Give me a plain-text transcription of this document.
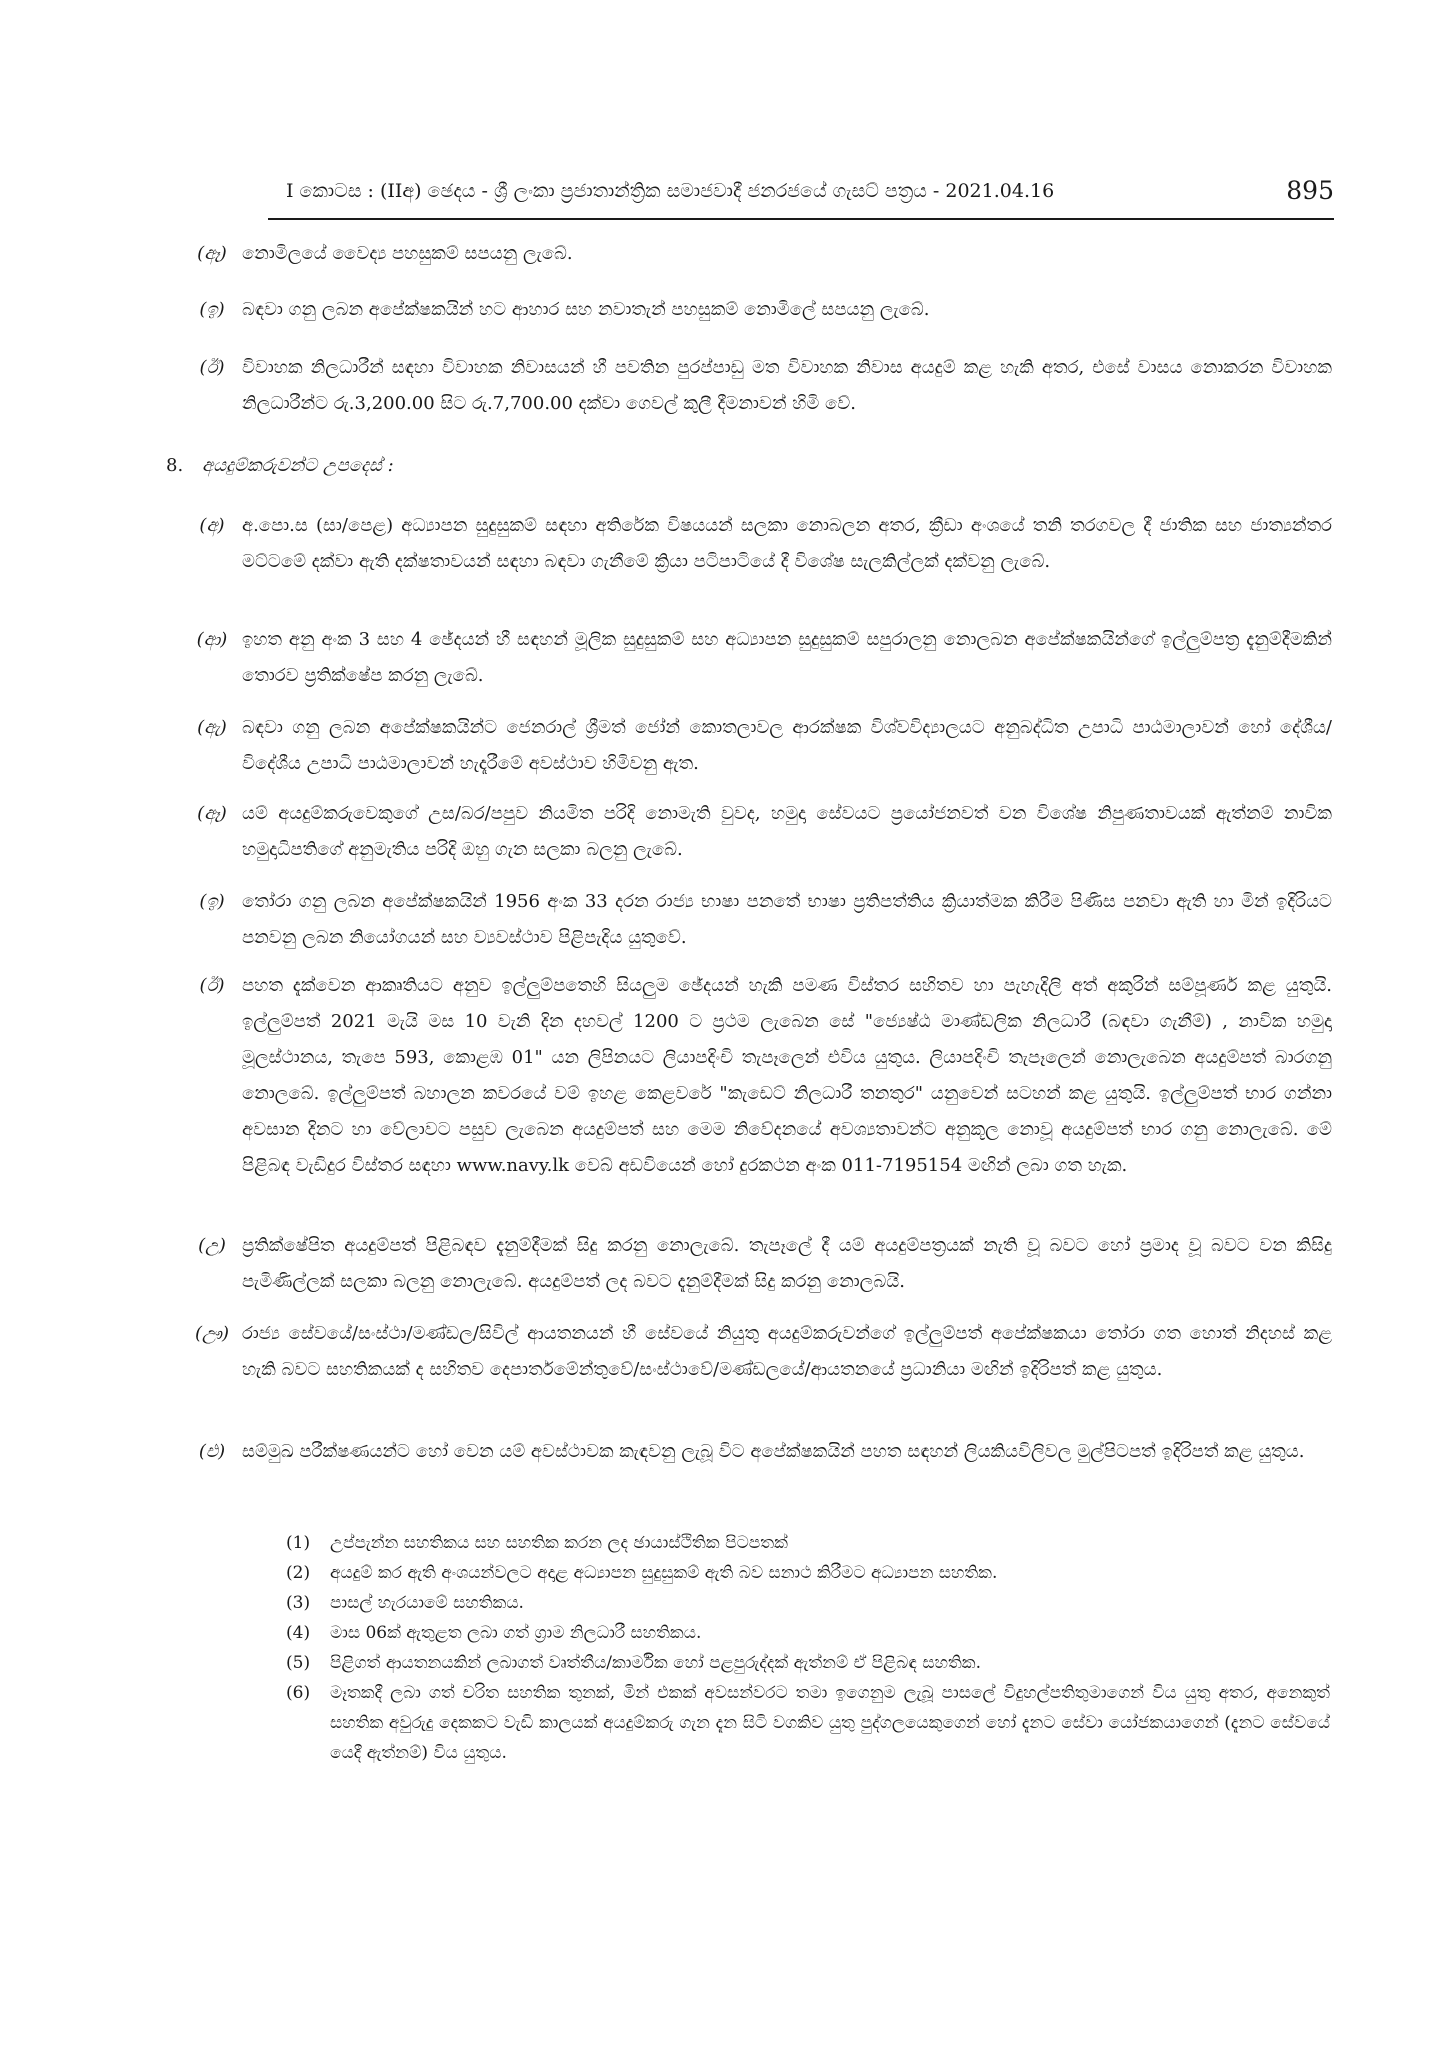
I කොටස : (IIඅ) ඡෙදය - ශ්‍රී ලංකා ප්‍රජාතාන්ත්‍රික සමාජවාදී ජනරජයේ ගැසට් පත්‍රය - 2021.04.16	895
(ඈ) නොමිලයේ වෛද්‍ය පහසුකම් සපයනු ලැබේ.
(ඉ) බඳවා ගනු ලබන අපේක්ෂකයින් හට ආහාර සහ නවාතැන් පහසුකම් නොමිලේ සපයනු ලැබේ.
(ඊ) විවාහක නිලධාරීන් සඳහා විවාහක නිවාසයන් හී පවතින පුරප්පාඩු මත විවාහක නිවාස අයදුම් කළ හැකි අතර, එසේ වාසය නොකරන විවාහක නිලධාරීන්ට රු.3,200.00 සිට රු.7,700.00 දක්වා ගෙවල් කුලී දීමනාවන් හිමි වේ.
8. අයදුම්කරුවන්ට උපදෙස් :
(අ) අ.පො.ස (සා/පෙළ) අධ්‍යාපන සුදුසුකම් සඳහා අතිරේක විෂයයන් සලකා නොබලන අතර, ක්‍රීඩා අංශයේ තනි තරගවල දී ජාතික සහ ජාත්‍යන්තර මට්ටමේ දක්වා ඇති දක්ෂතාවයන් සඳහා බඳවා ගැනීමේ ක්‍රියා පටිපාටියේ දී විශේෂ සැලකිල්ලක් දක්වනු ලැබේ.
(ආ) ඉහත අනු අංක 3 සහ 4 ඡේදයන් හී සඳහන් මූලික සුදුසුකම් සහ අධ්‍යාපන සුදුසුකම් සපුරාලනු නොලබන අපේක්ෂකයින්ගේ ඉල්ලුම්පත්‍ර දැනුම්දීමකින් තොරව ප්‍රතික්ෂේප කරනු ලැබේ.
(ඇ) බඳවා ගනු ලබන අපේක්ෂකයින්ට ජෙනරාල් ශ්‍රීමත් ජෝන් කොතලාවල ආරක්ෂක විශ්වවිද්‍යාලයට අනුබද්ධිත උපාධි පාඨමාලාවන් හෝ දේශීය/විදේශීය උපාධි පාඨමාලාවන් හැදෑරීමේ අවස්ථාව හිමිවනු ඇත.
(ඈ) යම් අයදුම්කරුවෙකුගේ උස/බර/පපුව නියමිත පරිදි නොමැති වුවද, හමුදා සේවයට ප්‍රයෝජනවත් වන විශේෂ නිපුණතාවයක් ඇත්නම් නාවික හමුදාධිපතිගේ අනුමැතිය පරිදි ඔහු ගැන සලකා බලනු ලැබේ.
(ඉ) තෝරා ගනු ලබන අපේක්ෂකයින් 1956 අංක 33 දරන රාජ්‍ය භාෂා පනතේ භාෂා ප්‍රතිපත්තිය ක්‍රියාත්මක කිරීම පිණිස පනවා ඇති හා මින් ඉදිරියට පනවනු ලබන නියෝගයන් සහ ව්‍යවස්ථාව පිළිපැදිය යුතුවේ.
(ඊ) පහත දැක්වෙන ආකෘතියට අනුව ඉල්ලුම්පතෙහි සියලුම ඡේදයන් හැකි පමණ විස්තර සහිතව හා පැහැදිලි අත් අකුරින් සම්පූර්ණ කළ යුතුයි. ඉල්ලුම්පත් 2021 මැයි මස 10 වැනි දින දහවල් 1200 ට ප්‍රථම ලැබෙන සේ "ජ්‍යෙෂ්ඨ මාණ්ඩලික නිලධාරී (බඳවා ගැනීම්) , නාවික හමුදා මූලස්ථානය, තැපෙ 593, කොළඹ 01" යන ලිපිනයට ලියාපදිංචි තැපෑලෙන් එවිය යුතුය. ලියාපදිංචි තැපෑලෙන් නොලැබෙන අයදුම්පත් බාරගනු නොලබේ. ඉල්ලුම්පත් බහාලන කවරයේ වම් ඉහළ කෙළවරේ "කැඩෙට් නිලධාරී තනතුර" යනුවෙන් සටහන් කළ යුතුයි. ඉල්ලුම්පත් භාර ගන්නා අවසාන දිනට හා වේලාවට පසුව ලැබෙන අයදුම්පත් සහ මෙම නිවේදනයේ අවශ්‍යතාවන්ට අනුකූල නොවූ අයදුම්පත් භාර ගනු නොලැබේ. මේ පිළිබඳ වැඩිදුර විස්තර සඳහා www.navy.lk වෙබ් අඩවියෙන් හෝ දුරකථන අංක 011-7195154 මඟින් ලබා ගත හැක.
(උ) ප්‍රතික්ෂේපිත අයදුම්පත් පිළිබඳව දැනුම්දීමක් සිදු කරනු නොලැබේ. තැපෑලේ දී යම් අයදුම්පත්‍රයක් නැති වූ බවට හෝ ප්‍රමාද වූ බවට වන කිසිදු පැමිණිල්ලක් සලකා බලනු නොලැබේ. අයදුම්පත් ලද බවට දැනුම්දීමක් සිදු කරනු නොලබයි.
(ඌ) රාජ්‍ය සේවයේ/සංස්ථා/මණ්ඩල/සිවිල් ආයතනයන් හී සේවයේ නියුතු අයදුම්කරුවන්ගේ ඉල්ලුම්පත් අපේක්ෂකයා තෝරා ගත හොත් නිදහස් කළ හැකි බවට සහතිකයක් ද සහිතව දෙපාර්තමේන්තුවේ/සංස්ථාවේ/මණ්ඩලයේ/ආයතනයේ ප්‍රධානියා මඟින් ඉදිරිපත් කළ යුතුය.
(එ) සම්මුඛ පරීක්ෂණයන්ට හෝ වෙන යම් අවස්ථාවක කැඳවනු ලැබූ විට අපේක්ෂකයින් පහත සඳහන් ලියකියවිලිවල මුල්පිටපත් ඉදිරිපත් කළ යුතුය.
(1)	උප්පැන්න සහතිකය සහ සහතික කරන ලද ඡායාස්ථිතික පිටපතක්
(2)	අයදුම් කර ඇති අංශයන්වලට අදාළ අධ්‍යාපන සුදුසුකම් ඇති බව සනාථ කිරීමට අධ්‍යාපන සහතික.
(3)	පාසල් හැරයාමේ සහතිකය.
(4)	මාස 06ක් ඇතුළත ලබා ගත් ග්‍රාම නිලධාරී සහතිකය.
(5)	පිළිගත් ආයතනයකින් ලබාගත් වෘත්තීය/කාර්මික හෝ පළපුරුද්දක් ඇත්නම් ඒ පිළිබඳ සහතික.
(6)	මෑතකදී ලබා ගත් චරිත සහතික තුනක්, මින් එකක් අවසන්වරට තමා ඉගෙනුම ලැබූ පාසලේ විදුහල්පතිතුමාගෙන් විය යුතු අතර, අනෙකුත් සහතික අවුරුදු දෙකකට වැඩි කාලයක් අයදුම්කරු ගැන දැන සිටි වගකිව යුතු පුද්ගලයෙකුගෙන් හෝ දැනට සේවා යෝජකයාගෙන් (දැනට සේවයේ යෙදී ඇත්නම්) විය යුතුය.
